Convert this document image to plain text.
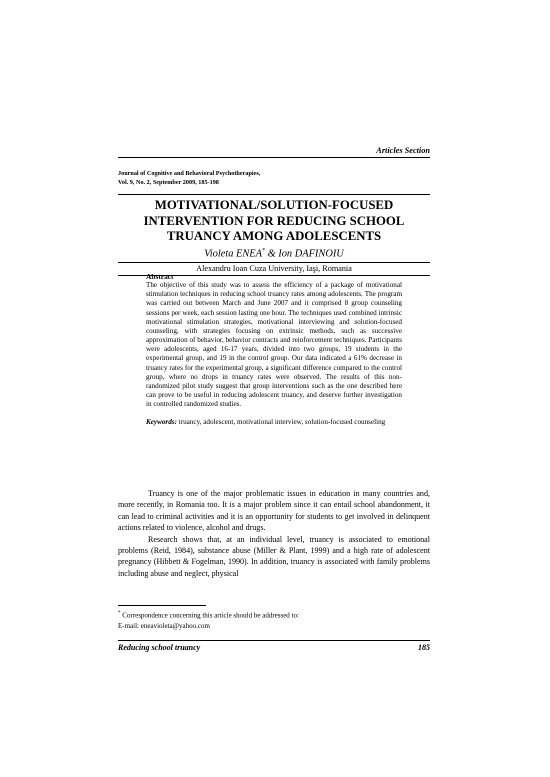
Articles Section
Journal of Cognitive and Behavioral Psychotherapies,
Vol. 9, No. 2, September 2009, 185-198
MOTIVATIONAL/SOLUTION-FOCUSED INTERVENTION FOR REDUCING SCHOOL TRUANCY AMONG ADOLESCENTS
Violeta ENEA* & Ion DAFINOIU
Alexandru Ioan Cuza University, Iaşi, Romania
Abstract
The objective of this study was to assess the efficiency of a package of motivational stimulation techniques in reducing school truancy rates among adolescents. The program was carried out between March and June 2007 and it comprised 8 group counseling sessions per week, each session lasting one hour. The techniques used combined intrinsic motivational stimulation strategies, motivational interviewing and solution-focused counseling, with strategies focusing on extrinsic methods, such as successive approximation of behavior, behavior contracts and reinforcement techniques. Participants were adolescents, aged 16-17 years, divided into two groups, 19 students in the experimental group, and 19 in the control group. Our data indicated a 61% decrease in truancy rates for the experimental group, a significant difference compared to the control group, where no drops in truancy rates were observed. The results of this non-randomized pilot study suggest that group interventions such as the one described here can prove to be useful in reducing adolescent truancy, and deserve further investigation in controlled randomized studies.
Keywords: truancy, adolescent, motivational interview, solution-focused counseling

Truancy is one of the major problematic issues in education in many countries and, more recently, in Romania too. It is a major problem since it can entail school abandonment, it can lead to criminal activities and it is an opportunity for students to get involved in delinquent actions related to violence, alcohol and drugs.

Research shows that, at an individual level, truancy is associated to emotional problems (Reid, 1984), substance abuse (Miller & Plant, 1999) and a high rate of adolescent pregnancy (Hibbett & Fogelman, 1990). In addition, truancy is associated with family problems including abuse and neglect, physical

* Correspondence concerning this article should be addressed to:
E-mail: eneavioleta@yahoo.com
Reducing school truancy	185
